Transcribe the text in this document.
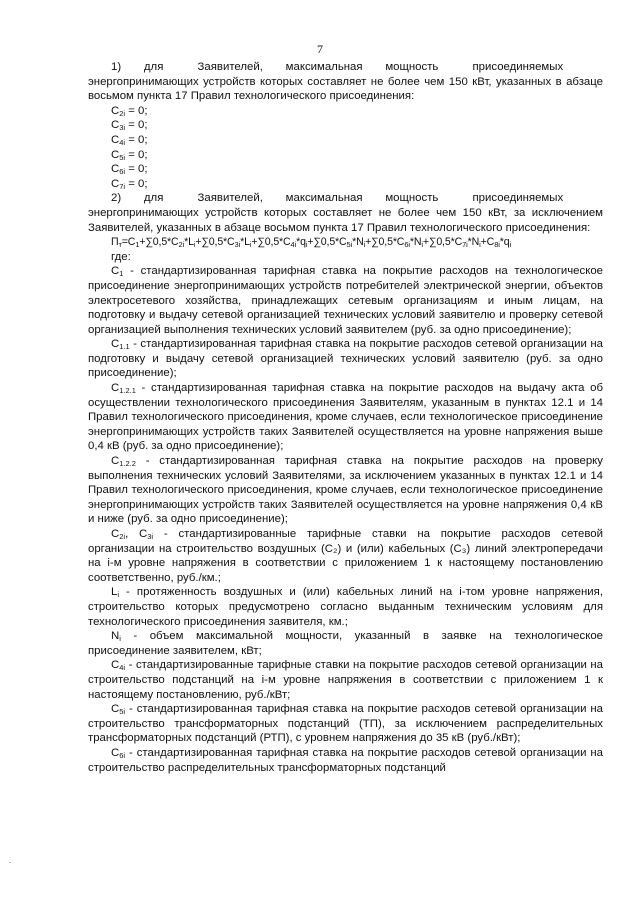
7

1)  для   Заявителей,  максимальная  мощность   присоединяемых энергопринимающих устройств которых составляет не более чем 150 кВт, указанных в абзаце восьмом пункта 17 Правил технологического присоединения:

$C_{2i} = 0$;

$C_{3i} = 0$;

$C_{4i} = 0$;

$C_{5i} = 0$;

$C_{6i} = 0$;

$C_{7i} = 0$;

2)  для   Заявителей,  максимальная  мощность   присоединяемых энергопринимающих устройств которых составляет не более чем 150 кВт, за исключением Заявителей, указанных в абзаце восьмом пункта 17 Правил технологического присоединения:

$П_т=C_1+\sum 0,5*C_{2i}*L_i+\sum 0,5*C_{3i}*L_i+\sum 0,5*C_{4i}*q_i+\sum 0,5*C_{5i}*N_i+\sum 0,5*C_{6i}*N_i+\sum 0,5*C_{7i}*N_i+C_{8i}*q_i$

где:

$C_1$ - стандартизированная тарифная ставка на покрытие расходов на технологическое присоединение энергопринимающих устройств потребителей электрической энергии, объектов электросетевого хозяйства, принадлежащих сетевым организациям и иным лицам, на подготовку и выдачу сетевой организацией технических условий заявителю и проверку сетевой организацией выполнения технических условий заявителем (руб. за одно присоединение);

$C_{1.1}$ - стандартизированная тарифная ставка на покрытие расходов сетевой организации на подготовку и выдачу сетевой организацией технических условий заявителю (руб. за одно присоединение);

$C_{1.2.1}$ - стандартизированная тарифная ставка на покрытие расходов на выдачу акта об осуществлении технологического присоединения Заявителям, указанным в пунктах 12.1 и 14 Правил технологического присоединения, кроме случаев, если технологическое присоединение энергопринимающих устройств таких Заявителей осуществляется на уровне напряжения выше 0,4 кВ (руб. за одно присоединение);

$C_{1.2.2}$ - стандартизированная тарифная ставка на покрытие расходов на проверку выполнения технических условий Заявителями, за исключением указанных в пунктах 12.1 и 14 Правил технологического присоединения, кроме случаев, если технологическое присоединение энергопринимающих устройств таких Заявителей осуществляется на уровне напряжения 0,4 кВ и ниже (руб. за одно присоединение);

$C_{2i}$, $C_{3i}$ - стандартизированные тарифные ставки на покрытие расходов сетевой организации на строительство воздушных (C₂) и (или) кабельных (C₃) линий электропередачи на i-м уровне напряжения в соответствии с приложением 1 к настоящему постановлению соответственно, руб./км.;

$L_i$ - протяженность воздушных и (или) кабельных линий на i-том уровне напряжения, строительство которых предусмотрено согласно выданным техническим условиям для технологического присоединения заявителя, км.;

$N_i$ - объем максимальной мощности, указанный в заявке на технологическое присоединение заявителем, кВт;

$C_{4i}$ - стандартизированные тарифные ставки на покрытие расходов сетевой организации на строительство подстанций на i-м уровне напряжения в соответствии с приложением 1 к настоящему постановлению, руб./кВт;

$C_{5i}$ - стандартизированная тарифная ставка на покрытие расходов сетевой организации на строительство трансформаторных подстанций (ТП), за исключением распределительных трансформаторных подстанций (РТП), с уровнем напряжения до 35 кВ (руб./кВт);

$C_{6i}$ - стандартизированная тарифная ставка на покрытие расходов сетевой организации на строительство распределительных трансформаторных подстанций
